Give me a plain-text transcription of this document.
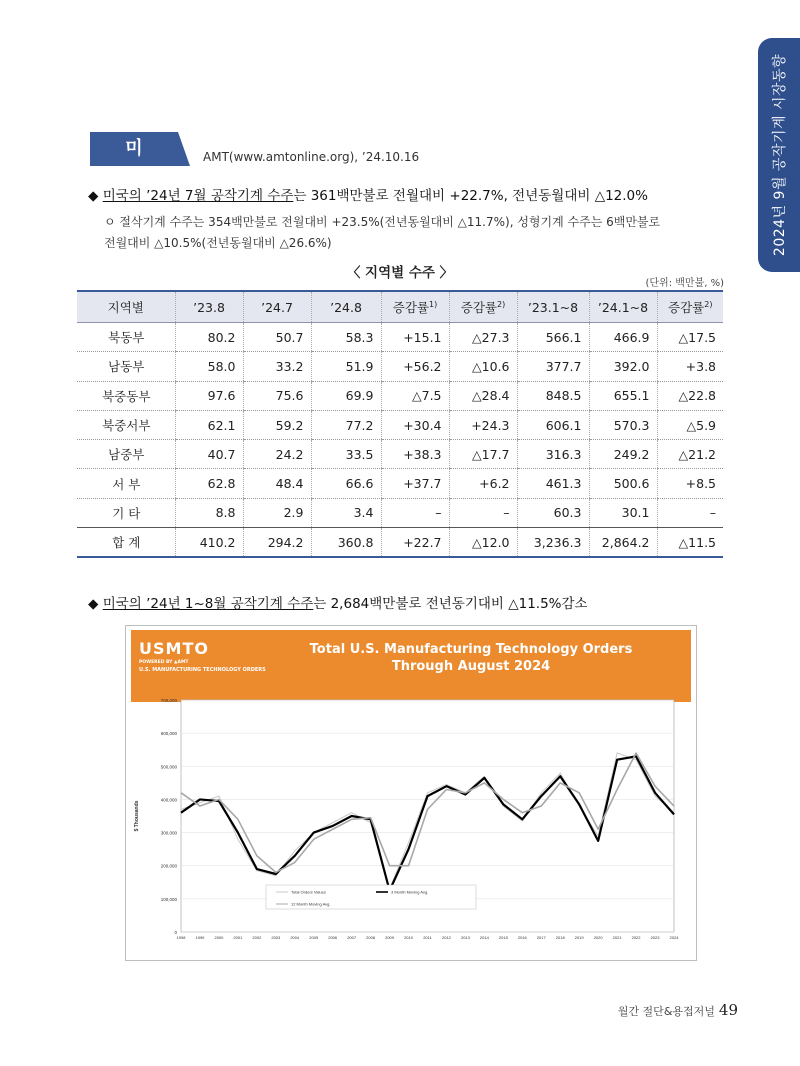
2024년 9월 공작기계 시장동향
미 국
AMT(www.amtonline.org), ’24.10.16
◆ 미국의 ’24년 7월 공작기계 수주는 361백만불로 전월대비 +22.7%, 전년동월대비 △12.0%
ㅇ 절삭기계 수주는 354백만불로 전월대비 +23.5%(전년동월대비 △11.7%), 성형기계 수주는 6백만불로 전월대비 △10.5%(전년동월대비 △26.6%)
〈 지역별 수주 〉
(단위: 백만불, %)
지역별	’23.8	’24.7	’24.8	증감률$^{1)}$	증감률$^{2)}$	’23.1~8	’24.1~8	증감률$^{2)}$
북동부	80.2	50.7	58.3	+15.1	△27.3	566.1	466.9	△17.5
남동부	58.0	33.2	51.9	+56.2	△10.6	377.7	392.0	+3.8
북중동부	97.6	75.6	69.9	△7.5	△28.4	848.5	655.1	△22.8
북중서부	62.1	59.2	77.2	+30.4	+24.3	606.1	570.3	△5.9
남중부	40.7	24.2	33.5	+38.3	△17.7	316.3	249.2	△21.2
서 부	62.8	48.4	66.6	+37.7	+6.2	461.3	500.6	+8.5
기 타	8.8	2.9	3.4	–	–	60.3	30.1	–
합 계	410.2	294.2	360.8	+22.7	△12.0	3,236.3	2,864.2	△11.5
◆ 미국의 ’24년 1~8월 공작기계 수주는 2,684백만불로 전년동기대비 △11.5%감소
USMTO
POWERED BY ▲AMT
U.S. MANUFACTURING TECHNOLOGY ORDERS
Total U.S. Manufacturing Technology Orders
Through August 2024
0
100,000
200,000
300,000
400,000
500,000
600,000
700,000
1998	1999	2000	2001	2002	2003	2004	2005	2006	2007	2008	2009	2010	2011	2012	2013	2014	2015	2016	2017	2018	2019	2020	2021	2022	2023	2024
$ Thousands
Total Orders Values	3 Month Moving Avg.
12 Month Moving Avg.
월간 절단&용접저널 49
